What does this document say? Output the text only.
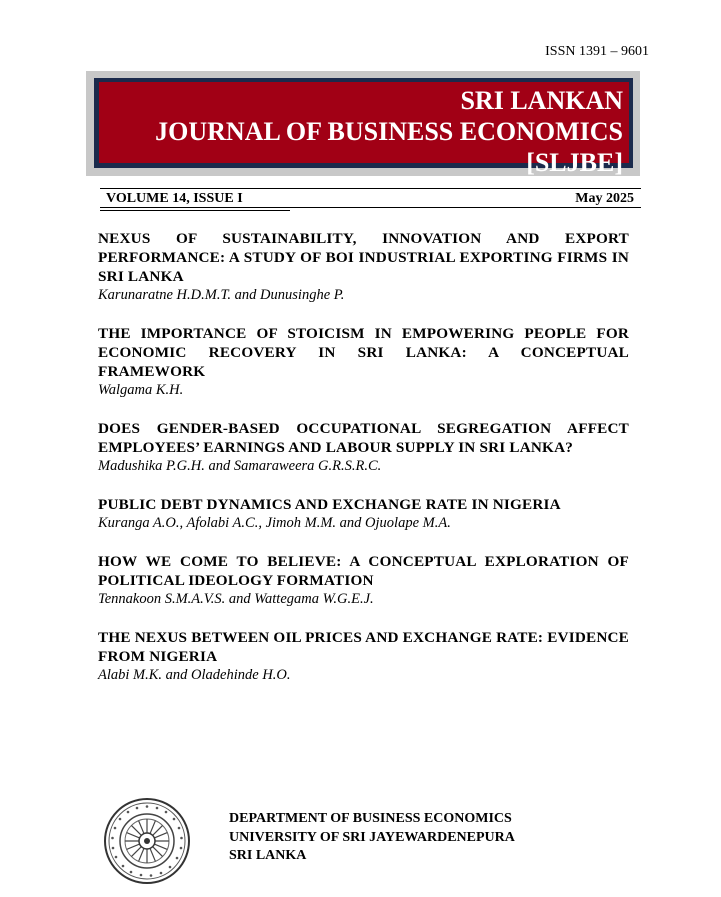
ISSN 1391 – 9601
SRI LANKAN
JOURNAL OF BUSINESS ECONOMICS
[SLJBE]
VOLUME 14, ISSUE I	May 2025
NEXUS OF SUSTAINABILITY, INNOVATION AND EXPORT PERFORMANCE: A STUDY OF BOI INDUSTRIAL EXPORTING FIRMS IN SRI LANKA
Karunaratne H.D.M.T. and Dunusinghe P.
THE IMPORTANCE OF STOICISM IN EMPOWERING PEOPLE FOR ECONOMIC RECOVERY IN SRI LANKA: A CONCEPTUAL FRAMEWORK
Walgama K.H.
DOES GENDER-BASED OCCUPATIONAL SEGREGATION AFFECT EMPLOYEES’ EARNINGS AND LABOUR SUPPLY IN SRI LANKA?
Madushika P.G.H. and Samaraweera G.R.S.R.C.
PUBLIC DEBT DYNAMICS AND EXCHANGE RATE IN NIGERIA
Kuranga A.O., Afolabi A.C., Jimoh M.M. and Ojuolape M.A.
HOW WE COME TO BELIEVE: A CONCEPTUAL EXPLORATION OF POLITICAL IDEOLOGY FORMATION
Tennakoon S.M.A.V.S. and Wattegama W.G.E.J.
THE NEXUS BETWEEN OIL PRICES AND EXCHANGE RATE: EVIDENCE FROM NIGERIA
Alabi M.K. and Oladehinde H.O.
DEPARTMENT OF BUSINESS ECONOMICS
UNIVERSITY OF SRI JAYEWARDENEPURA
SRI LANKA
